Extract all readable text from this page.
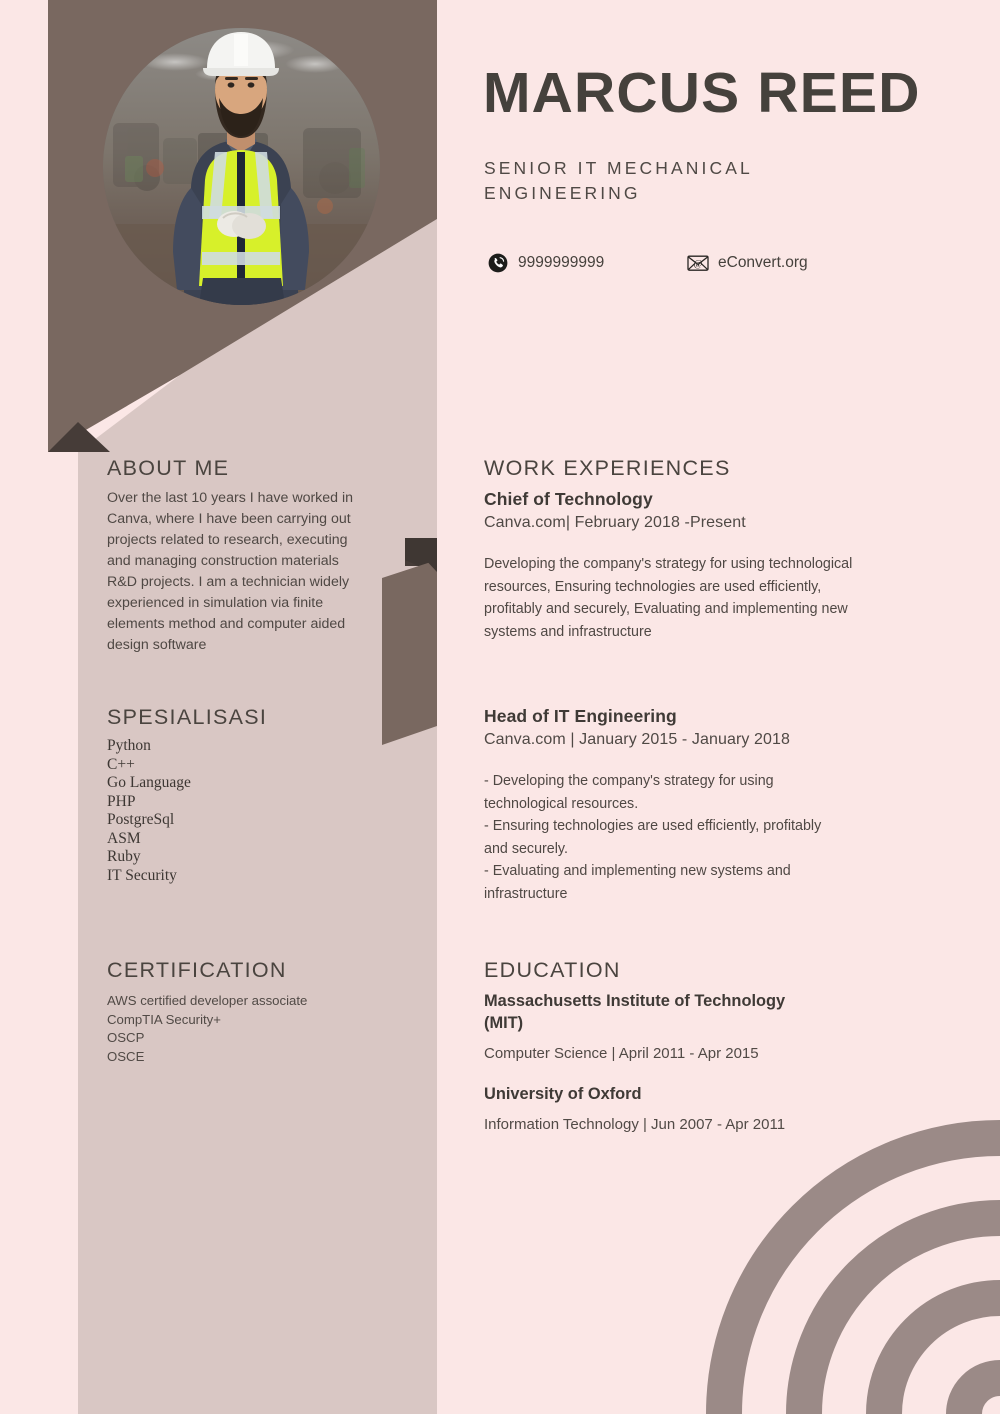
MARCUS REED
SENIOR IT MECHANICAL ENGINEERING
9999999999	@ eConvert.org
ABOUT ME
Over the last 10 years I have worked in Canva, where I have been carrying out projects related to research, executing and managing construction materials R&D projects. I am a technician widely experienced in simulation via finite elements method and computer aided design software
SPESIALISASI
Python
C++
Go Language
PHP
PostgreSql
ASM
Ruby
IT Security
CERTIFICATION
AWS certified developer associate
CompTIA Security+
OSCP
OSCE
WORK EXPERIENCES
Chief of Technology
Canva.com| February 2018 -Present
Developing the company's strategy for using technological
resources, Ensuring technologies are used efficiently,
profitably and securely, Evaluating and implementing new
systems and infrastructure
Head of IT Engineering
Canva.com | January 2015 - January 2018
- Developing the company's strategy for using
technological resources.
- Ensuring technologies are used efficiently, profitably
and securely.
- Evaluating and implementing new systems and
infrastructure
EDUCATION
Massachusetts Institute of Technology (MIT)
Computer Science | April 2011 - Apr 2015
University of Oxford
Information Technology | Jun 2007 - Apr 2011
